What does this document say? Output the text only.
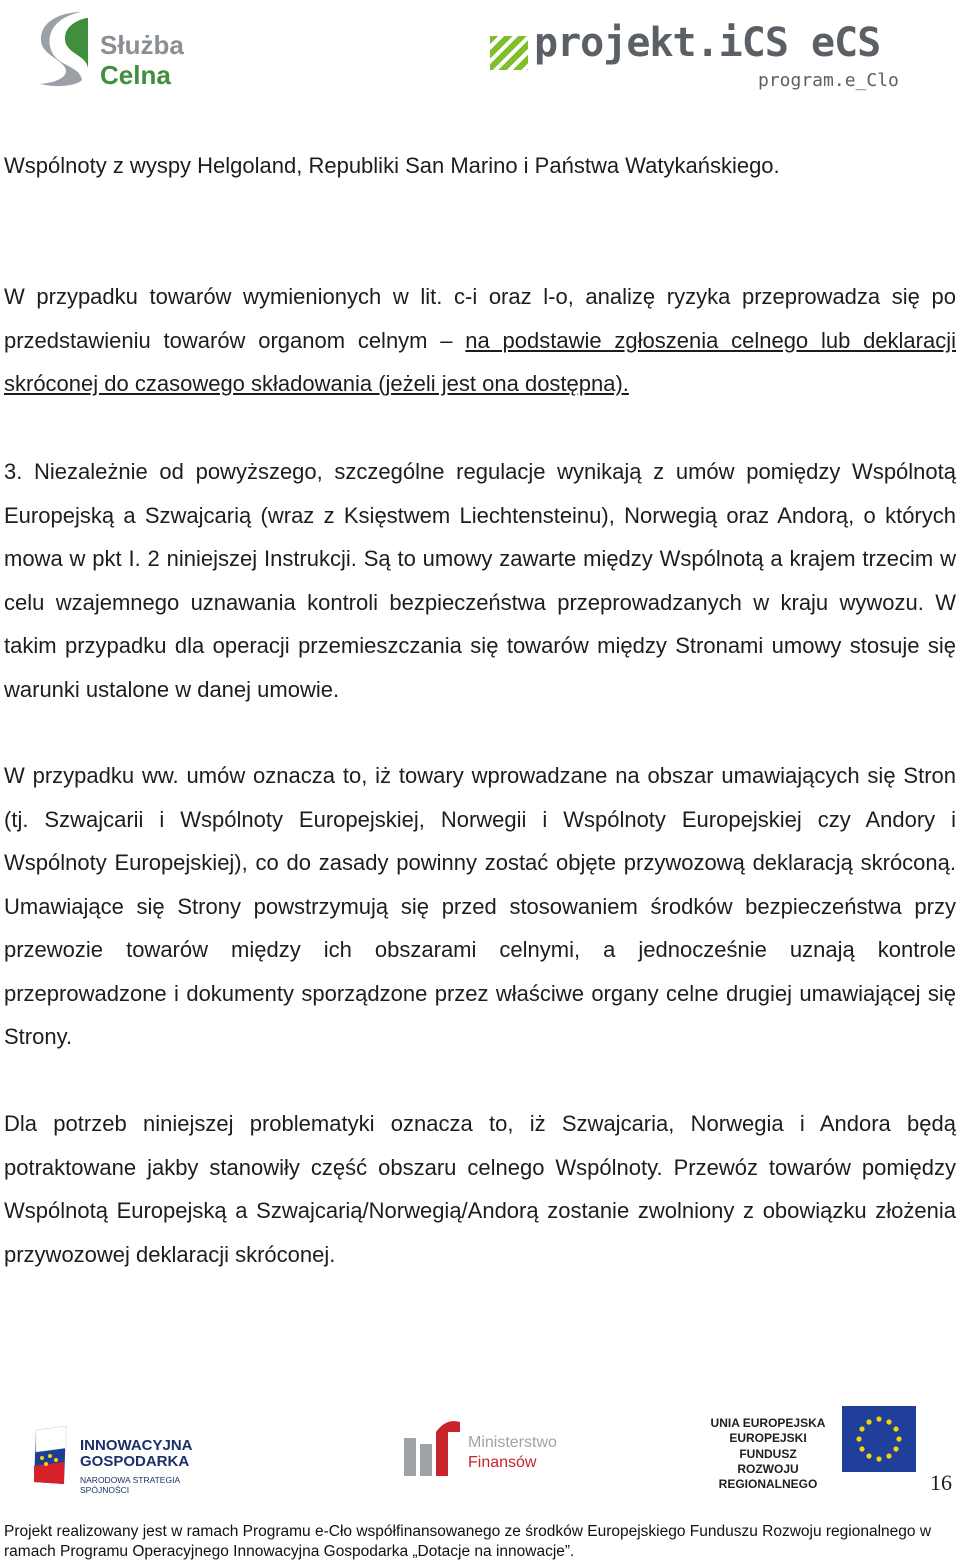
Służba
Celna
projekt.iCS eCS
program.e_Clo
Wspólnoty z wyspy Helgoland, Republiki San Marino i Państwa Watykańskiego.
W przypadku towarów wymienionych w lit. c-i oraz l-o, analizę ryzyka przeprowadza się po przedstawieniu towarów organom celnym – na podstawie zgłoszenia celnego lub deklaracji skróconej do czasowego składowania (jeżeli jest ona dostępna).
3. Niezależnie od powyższego, szczególne regulacje wynikają z umów pomiędzy Wspólnotą Europejską a Szwajcarią (wraz z Księstwem Liechtensteinu), Norwegią oraz Andorą, o których mowa w pkt I. 2 niniejszej Instrukcji. Są to umowy zawarte między Wspólnotą a krajem trzecim w celu wzajemnego uznawania kontroli bezpieczeństwa przeprowadzanych w kraju wywozu. W takim przypadku dla operacji przemieszczania się towarów między Stronami umowy stosuje się warunki ustalone w danej umowie.
W przypadku ww. umów oznacza to, iż towary wprowadzane na obszar umawiających się Stron (tj. Szwajcarii i Wspólnoty Europejskiej, Norwegii i Wspólnoty Europejskiej czy Andory i Wspólnoty Europejskiej), co do zasady powinny zostać objęte przywozową deklaracją skróconą. Umawiające się Strony powstrzymują się przed stosowaniem środków bezpieczeństwa przy przewozie towarów między ich obszarami celnymi, a jednocześnie uznają kontrole przeprowadzone i dokumenty sporządzone przez właściwe organy celne drugiej umawiającej się Strony.
Dla potrzeb niniejszej problematyki oznacza to, iż Szwajcaria, Norwegia i Andora będą potraktowane jakby stanowiły część obszaru celnego Wspólnoty. Przewóz towarów pomiędzy Wspólnotą Europejską a Szwajcarią/Norwegią/Andorą zostanie zwolniony z obowiązku złożenia przywozowej deklaracji skróconej.
INNOWACYJNA
GOSPODARKA
NARODOWA STRATEGIA SPÓJNOŚCI
Ministerstwo
Finansów
UNIA EUROPEJSKA
EUROPEJSKI FUNDUSZ
ROZWOJU REGIONALNEGO	16
Projekt realizowany jest w ramach Programu e-Cło współfinansowanego ze środków Europejskiego Funduszu Rozwoju regionalnego w ramach Programu Operacyjnego Innowacyjna Gospodarka „Dotacje na innowacje”.
